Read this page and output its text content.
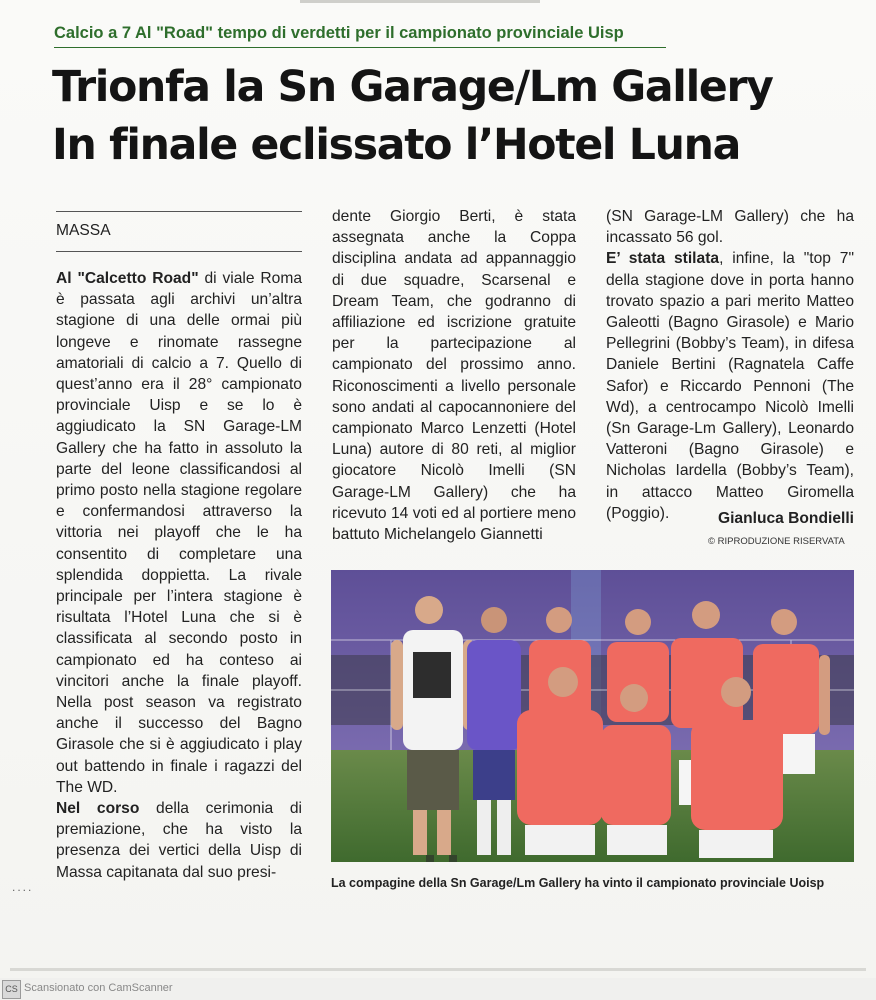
Calcio a 7 Al "Road" tempo di verdetti per il campionato provinciale Uisp
Trionfa la Sn Garage/Lm Gallery
In finale eclissato l’Hotel Luna
MASSA

Al "Calcetto Road" di viale Roma è passata agli archivi un’altra stagione di una delle ormai più longeve e rinomate rassegne amatoriali di calcio a 7. Quello di quest’anno era il 28° campionato provinciale Uisp e se lo è aggiudicato la SN Garage-LM Gallery che ha fatto in assoluto la parte del leone classificandosi al primo posto nella stagione regolare e confermandosi attraverso la vittoria nei playoff che le ha consentito di completare una splendida doppietta. La rivale principale per l’intera stagione è risultata l’Hotel Luna che si è classificata al secondo posto in campionato ed ha conteso ai vincitori anche la finale playoff. Nella post season va registrato anche il successo del Bagno Girasole che si è aggiudicato i play out battendo in finale i ragazzi del The WD.

Nel corso della cerimonia di premiazione, che ha visto la presenza dei vertici della Uisp di Massa capitanata dal suo presi-

dente Giorgio Berti, è stata assegnata anche la Coppa disciplina andata ad appannaggio di due squadre, Scarsenal e Dream Team, che godranno di affiliazione ed iscrizione gratuite per la partecipazione al campionato del prossimo anno. Riconoscimenti a livello personale sono andati al capocannoniere del campionato Marco Lenzetti (Hotel Luna) autore di 80 reti, al miglior giocatore Nicolò Imelli (SN Garage-LM Gallery) che ha ricevuto 14 voti ed al portiere meno battuto Michelangelo Giannetti

(SN Garage-LM Gallery) che ha incassato 56 gol.

E’ stata stilata, infine, la "top 7" della stagione dove in porta hanno trovato spazio a pari merito Matteo Galeotti (Bagno Girasole) e Mario Pellegrini (Bobby’s Team), in difesa Daniele Bertini (Ragnatela Caffe Safor) e Riccardo Pennoni (The Wd), a centrocampo Nicolò Imelli (Sn Garage-Lm Gallery), Leonardo Vatteroni (Bagno Girasole) e Nicholas Iardella (Bobby’s Team), in attacco Matteo Giromella (Poggio).	Gianluca Bondielli
© RIPRODUZIONE RISERVATA
La compagine della Sn Garage/Lm Gallery ha vinto il campionato provinciale Uoisp
....
CS Scansionato con CamScanner
